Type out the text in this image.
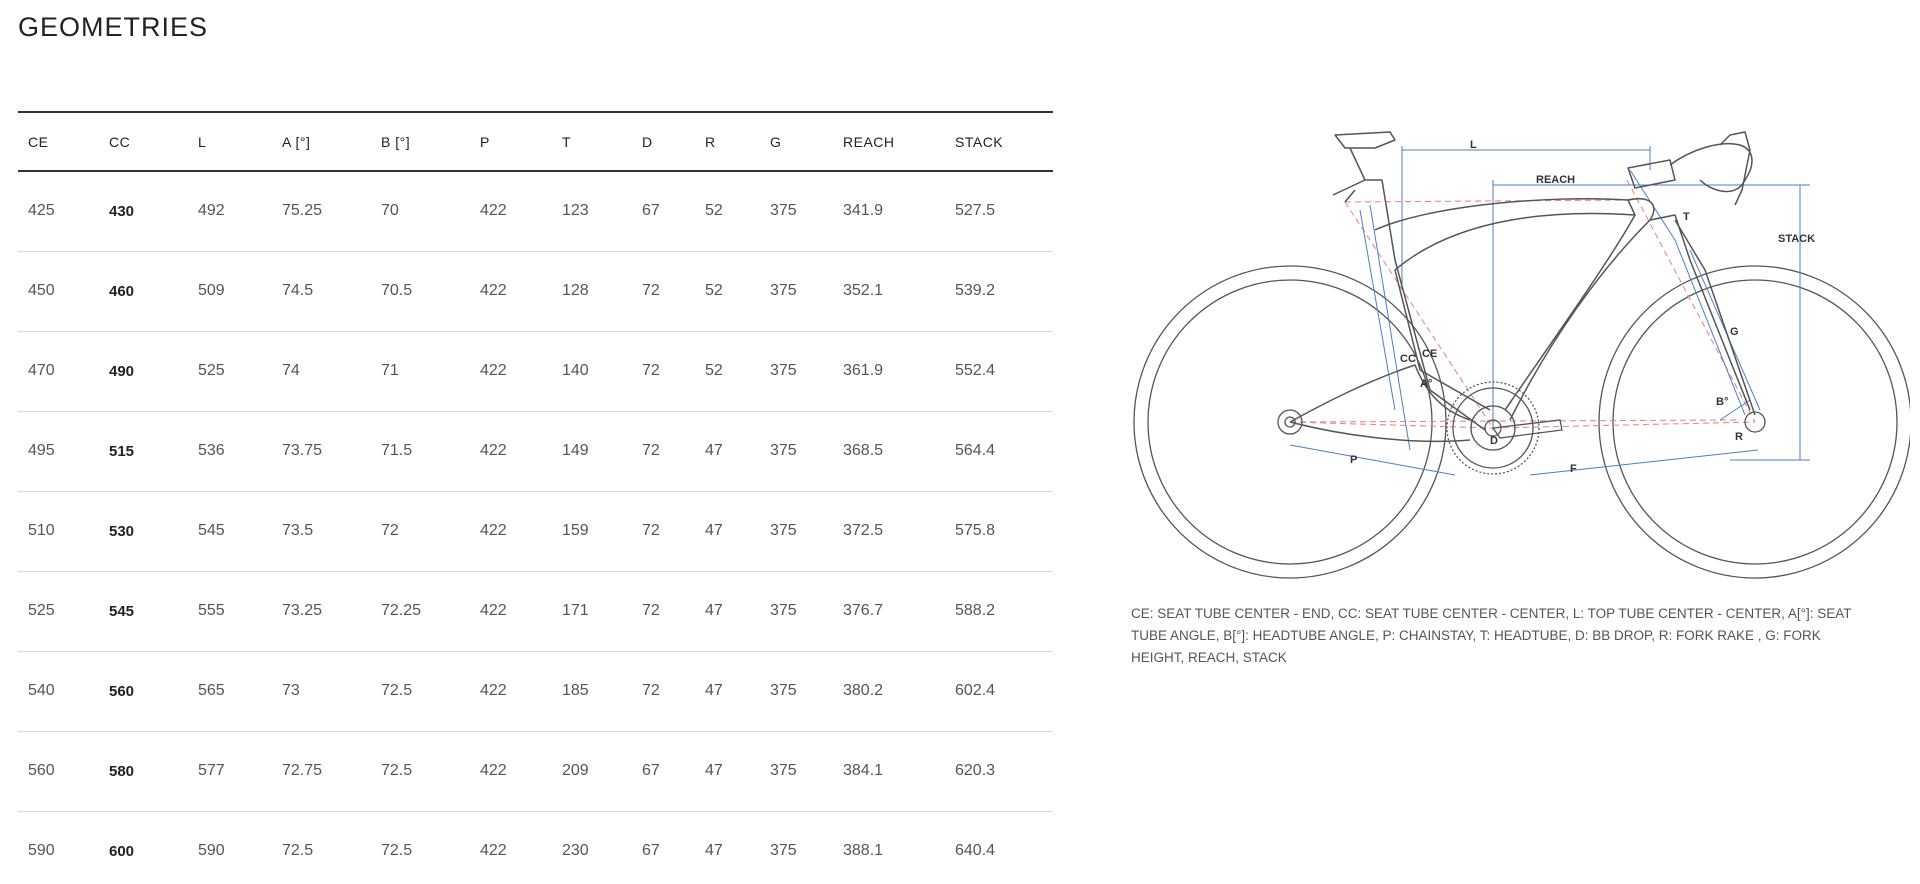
GEOMETRIES
CE	CC	L	A [°]	B [°]	P	T	D	R	G	REACH	STACK
425	430	492	75.25	70	422	123	67	52	375	341.9	527.5
450	460	509	74.5	70.5	422	128	72	52	375	352.1	539.2
470	490	525	74	71	422	140	72	52	375	361.9	552.4
495	515	536	73.75	71.5	422	149	72	47	375	368.5	564.4
510	530	545	73.5	72	422	159	72	47	375	372.5	575.8
525	545	555	73.25	72.25	422	171	72	47	375	376.7	588.2
540	560	565	73	72.5	422	185	72	47	375	380.2	602.4
560	580	577	72.75	72.5	422	209	67	47	375	384.1	620.3
590	600	590	72.5	72.5	422	230	67	47	375	388.1	640.4
L
REACH
STACK
T
G
CC CE
A°
B°
D	R
P
F

CE: SEAT TUBE CENTER - END, CC: SEAT TUBE CENTER - CENTER, L: TOP TUBE CENTER - CENTER, A[°]: SEAT TUBE ANGLE, B[°]: HEADTUBE ANGLE, P: CHAINSTAY, T: HEADTUBE, D: BB DROP, R: FORK RAKE , G: FORK HEIGHT, REACH, STACK
